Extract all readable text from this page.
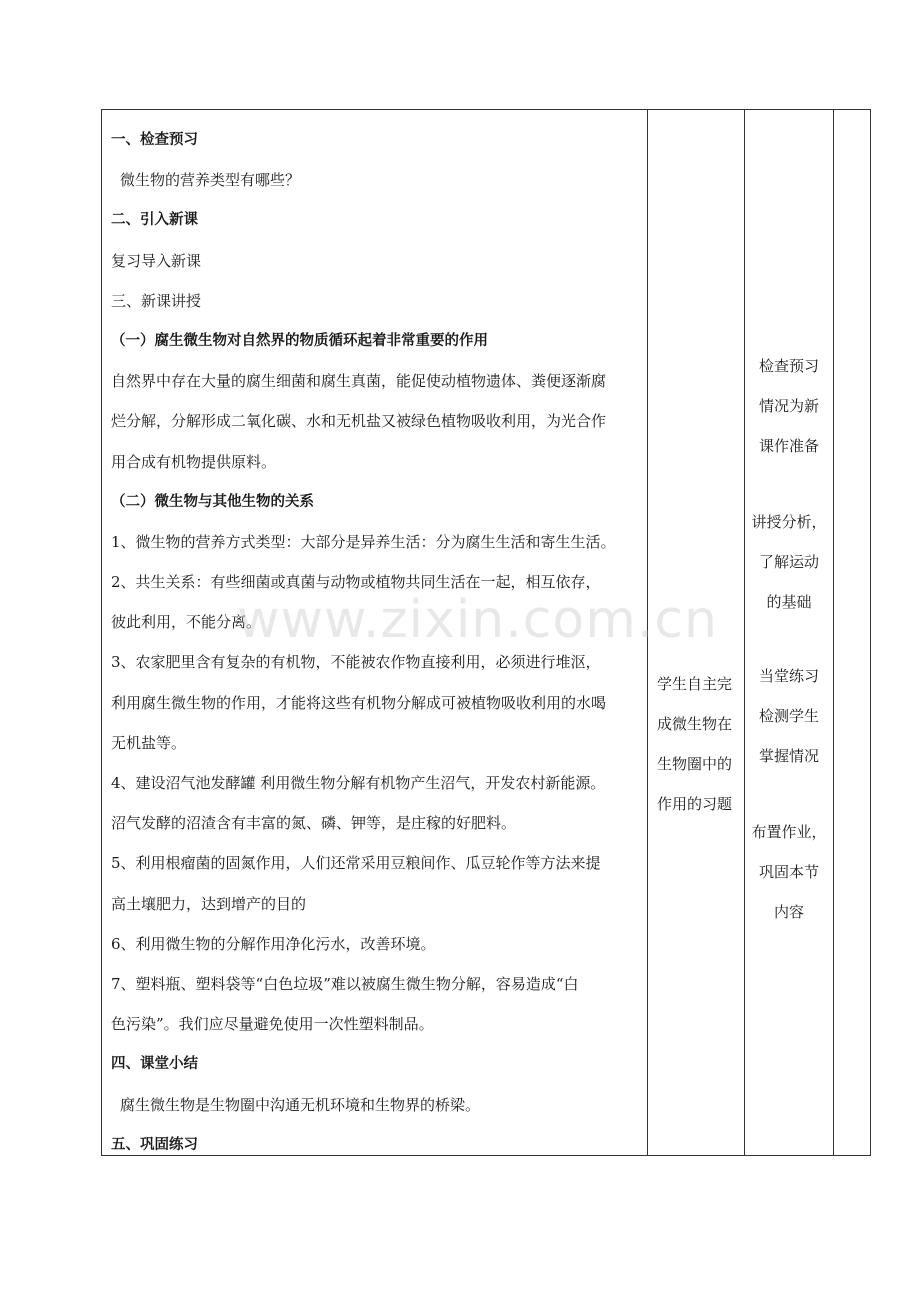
一、检查预习
微生物的营养类型有哪些？
二、引入新课
复习导入新课
三、新课讲授
（一）腐生微生物对自然界的物质循环起着非常重要的作用
自然界中存在大量的腐生细菌和腐生真菌，能促使动植物遗体、粪便逐渐腐
烂分解，分解形成二氧化碳、水和无机盐又被绿色植物吸收利用，为光合作
用合成有机物提供原料。
（二）微生物与其他生物的关系
1、微生物的营养方式类型：大部分是异养生活：分为腐生生活和寄生生活。
2、共生关系：有些细菌或真菌与动物或植物共同生活在一起，相互依存，
彼此利用，不能分离。
3、农家肥里含有复杂的有机物，不能被农作物直接利用，必须进行堆沤，
利用腐生微生物的作用，才能将这些有机物分解成可被植物吸收利用的水喝
无机盐等。
4、建设沼气池发酵罐 利用微生物分解有机物产生沼气，开发农村新能源。
沼气发酵的沼渣含有丰富的氮、磷、钾等，是庄稼的好肥料。
5、利用根瘤菌的固氮作用，人们还常采用豆粮间作、瓜豆轮作等方法来提
高土壤肥力，达到增产的目的
6、利用微生物的分解作用净化污水，改善环境。
7、塑料瓶、塑料袋等“白色垃圾”难以被腐生微生物分解，容易造成“白
色污染”。我们应尽量避免使用一次性塑料制品。
四、课堂小结
腐生微生物是生物圈中沟通无机环境和生物界的桥梁。
五、巩固练习
学生自主完
成微生物在
生物圈中的
作用的习题
检查预习
情况为新
课作准备
讲授分析，
了解运动
的基础
当堂练习
检测学生
掌握情况
布置作业，
巩固本节
内容
www.zixin.com.cn
